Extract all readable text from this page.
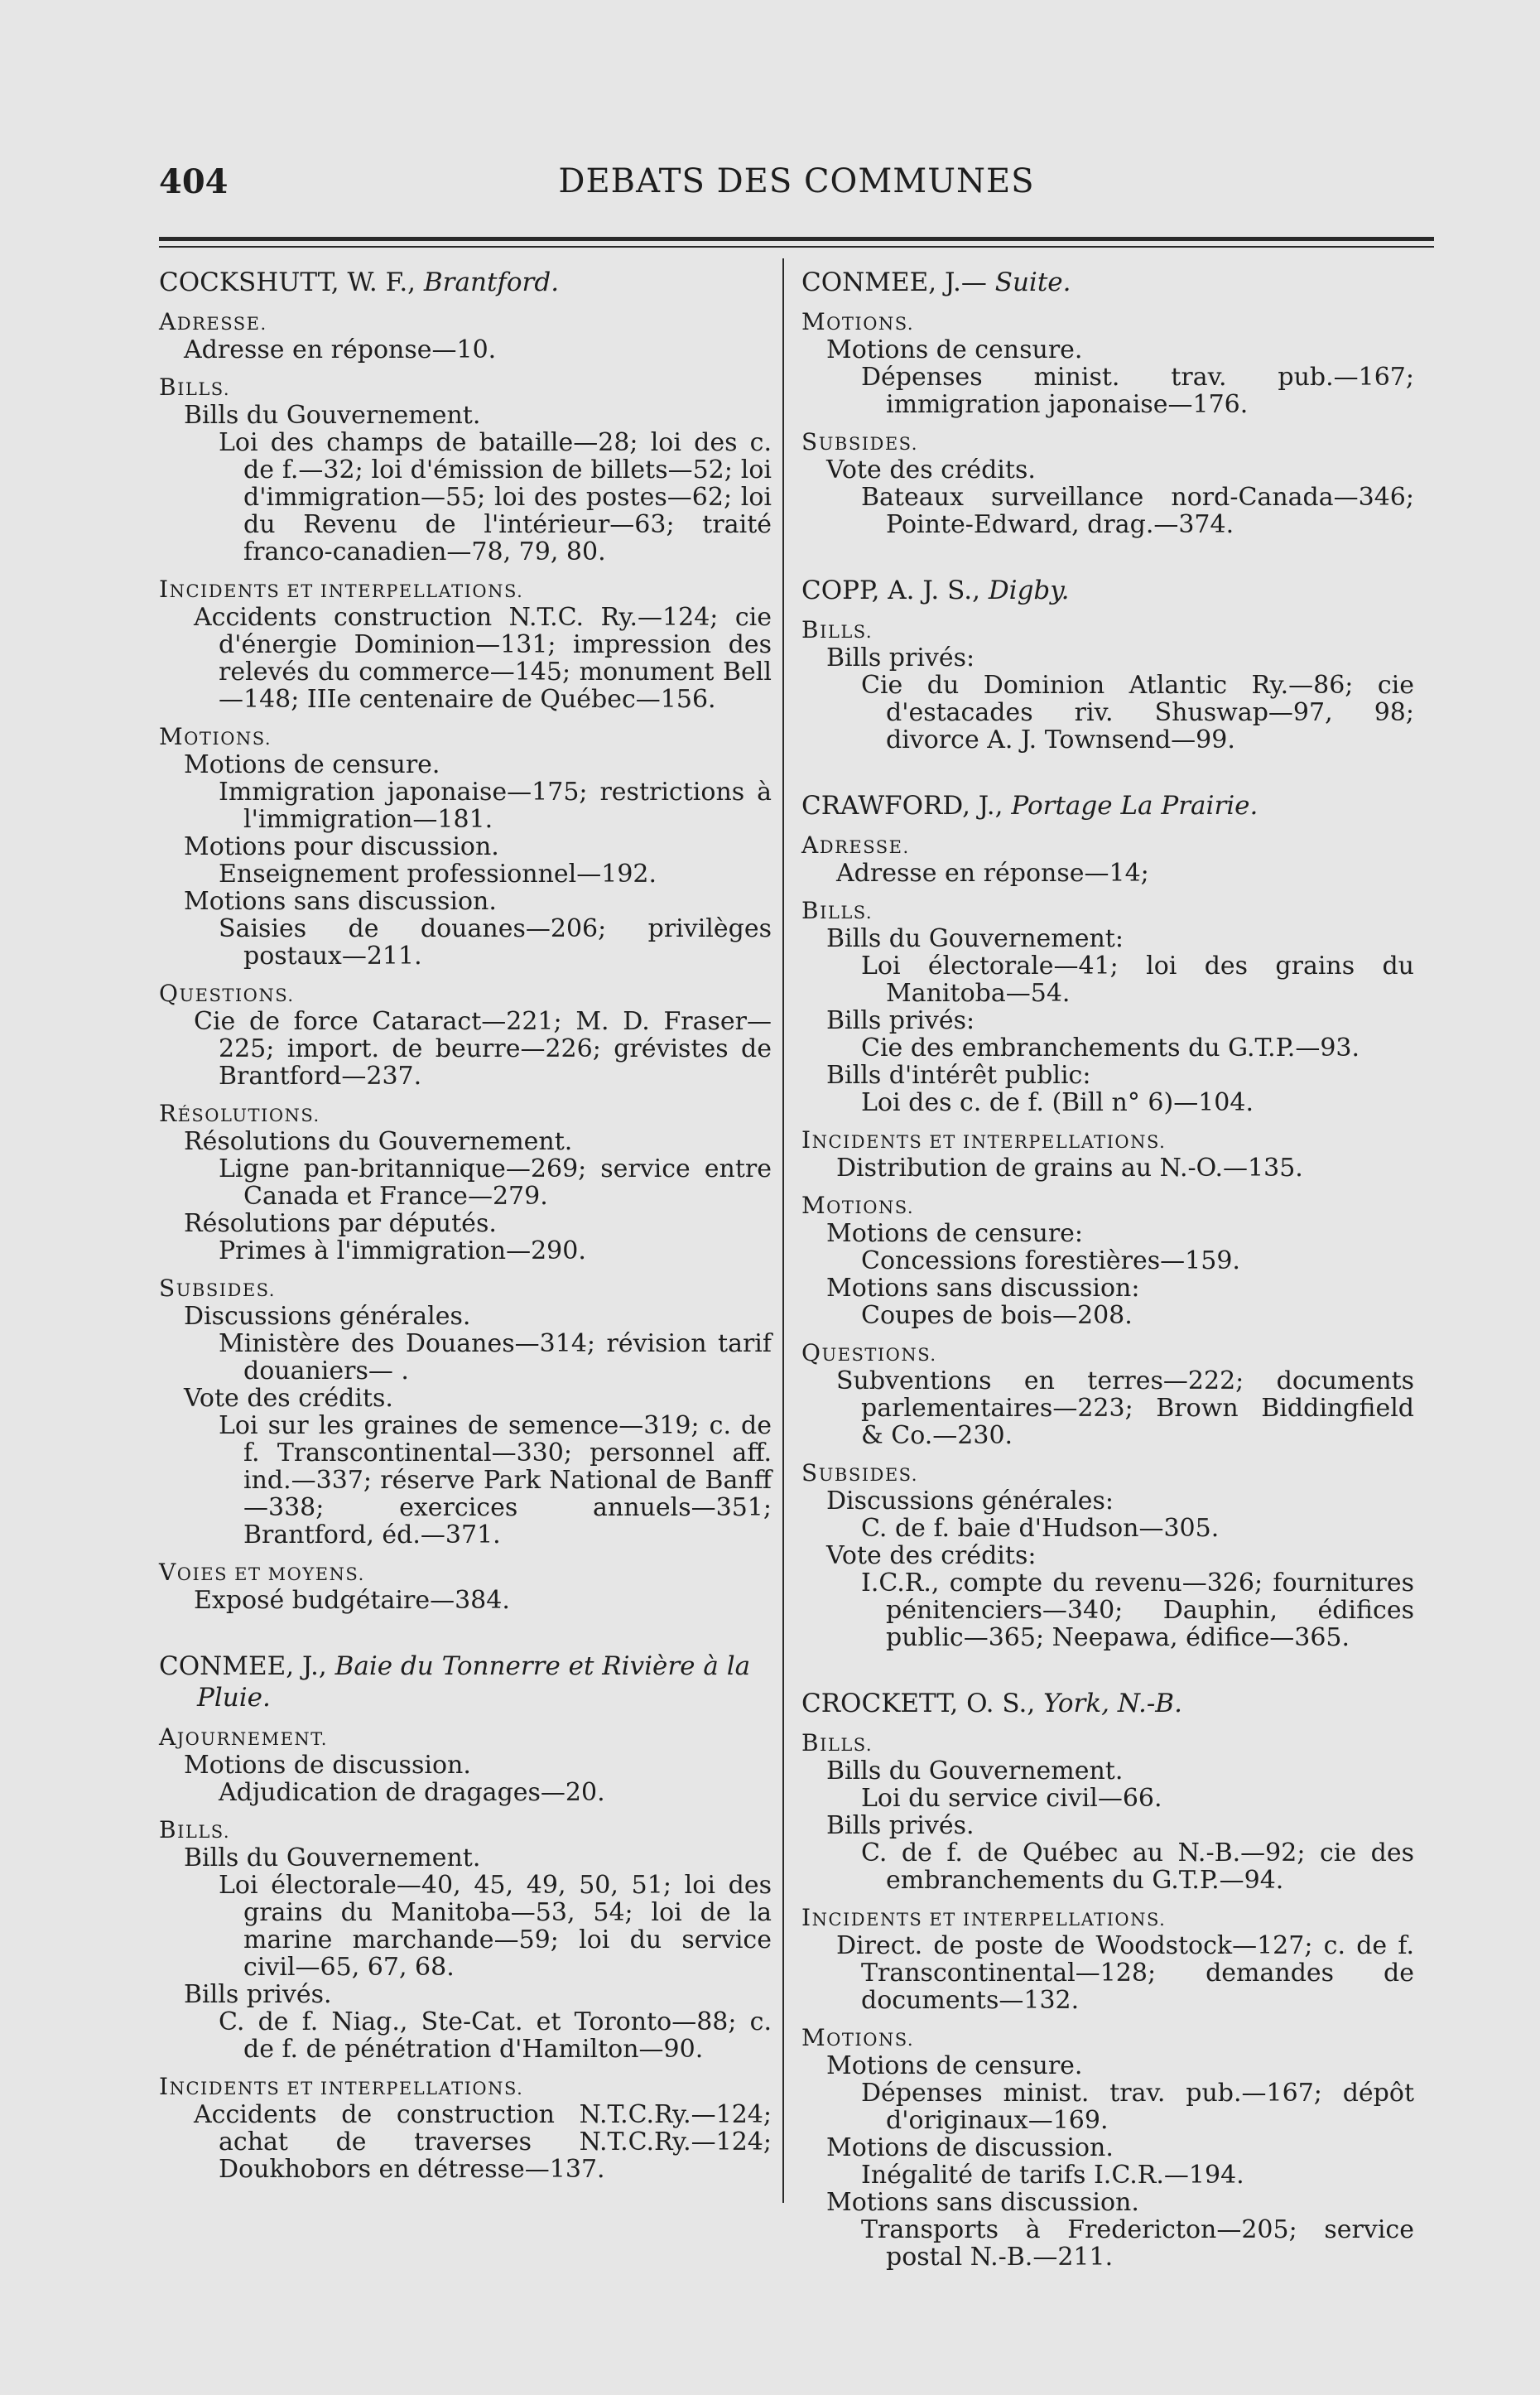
404	DEBATS DES COMMUNES
COCKSHUTT, W. F., Brantford.
ADRESSE.
Adresse en réponse—10.
BILLS.
Bills du Gouvernement.
Loi des champs de bataille—28; loi des c. de f.—32; loi d'émission de billets—52; loi d'immigration—55; loi des postes—62; loi du Revenu de l'intérieur—63; traité franco-canadien—78, 79, 80.
INCIDENTS ET INTERPELLATIONS.
Accidents construction N.T.C. Ry.—124; cie d'énergie Dominion—131; impression des relevés du commerce—145; monument Bell—148; IIIe centenaire de Québec—156.
MOTIONS.
Motions de censure.
Immigration japonaise—175; restrictions à l'immigration—181.
Motions pour discussion.
Enseignement professionnel—192.
Motions sans discussion.
Saisies de douanes—206; privilèges postaux—211.
QUESTIONS.
Cie de force Cataract—221; M. D. Fraser—225; import. de beurre—226; grévistes de Brantford—237.
RÉSOLUTIONS.
Résolutions du Gouvernement.
Ligne pan-britannique—269; service entre Canada et France—279.
Résolutions par députés.
Primes à l'immigration—290.
SUBSIDES.
Discussions générales.
Ministère des Douanes—314; révision tarif douaniers— .
Vote des crédits.
Loi sur les graines de semence—319; c. de f. Transcontinental—330; personnel aff. ind.—337; réserve Park National de Banff—338; exercices annuels—351; Brantford, éd.—371.
VOIES ET MOYENS.
Exposé budgétaire—384.
CONMEE, J., Baie du Tonnerre et Rivière à la Pluie.
AJOURNEMENT.
Motions de discussion.
Adjudication de dragages—20.
BILLS.
Bills du Gouvernement.
Loi électorale—40, 45, 49, 50, 51; loi des grains du Manitoba—53, 54; loi de la marine marchande—59; loi du service civil—65, 67, 68.
Bills privés.
C. de f. Niag., Ste-Cat. et Toronto—88; c. de f. de pénétration d'Hamilton—90.
INCIDENTS ET INTERPELLATIONS.
Accidents de construction N.T.C.Ry.—124; achat de traverses N.T.C.Ry.—124; Doukhobors en détresse—137.
CONMEE, J.— Suite.
MOTIONS.
Motions de censure.
Dépenses minist. trav. pub.—167; immigration japonaise—176.
SUBSIDES.
Vote des crédits.
Bateaux surveillance nord-Canada—346; Pointe-Edward, drag.—374.
COPP, A. J. S., Digby.
BILLS.
Bills privés:
Cie du Dominion Atlantic Ry.—86; cie d'estacades riv. Shuswap—97, 98; divorce A. J. Townsend—99.
CRAWFORD, J., Portage La Prairie.
ADRESSE.
Adresse en réponse—14;
BILLS.
Bills du Gouvernement:
Loi électorale—41; loi des grains du Manitoba—54.
Bills privés:
Cie des embranchements du G.T.P.—93.
Bills d'intérêt public:
Loi des c. de f. (Bill n° 6)—104.
INCIDENTS ET INTERPELLATIONS.
Distribution de grains au N.-O.—135.
MOTIONS.
Motions de censure:
Concessions forestières—159.
Motions sans discussion:
Coupes de bois—208.
QUESTIONS.
Subventions en terres—222; documents parlementaires—223; Brown Biddingfield & Co.—230.
SUBSIDES.
Discussions générales:
C. de f. baie d'Hudson—305.
Vote des crédits:
I.C.R., compte du revenu—326; fournitures pénitenciers—340; Dauphin, édifices public—365; Neepawa, édifice—365.
CROCKETT, O. S., York, N.-B.
BILLS.
Bills du Gouvernement.
Loi du service civil—66.
Bills privés.
C. de f. de Québec au N.-B.—92; cie des embranchements du G.T.P.—94.
INCIDENTS ET INTERPELLATIONS.
Direct. de poste de Woodstock—127; c. de f. Transcontinental—128; demandes de documents—132.
MOTIONS.
Motions de censure.
Dépenses minist. trav. pub.—167; dépôt d'originaux—169.
Motions de discussion.
Inégalité de tarifs I.C.R.—194.
Motions sans discussion.
Transports à Fredericton—205; service postal N.-B.—211.
